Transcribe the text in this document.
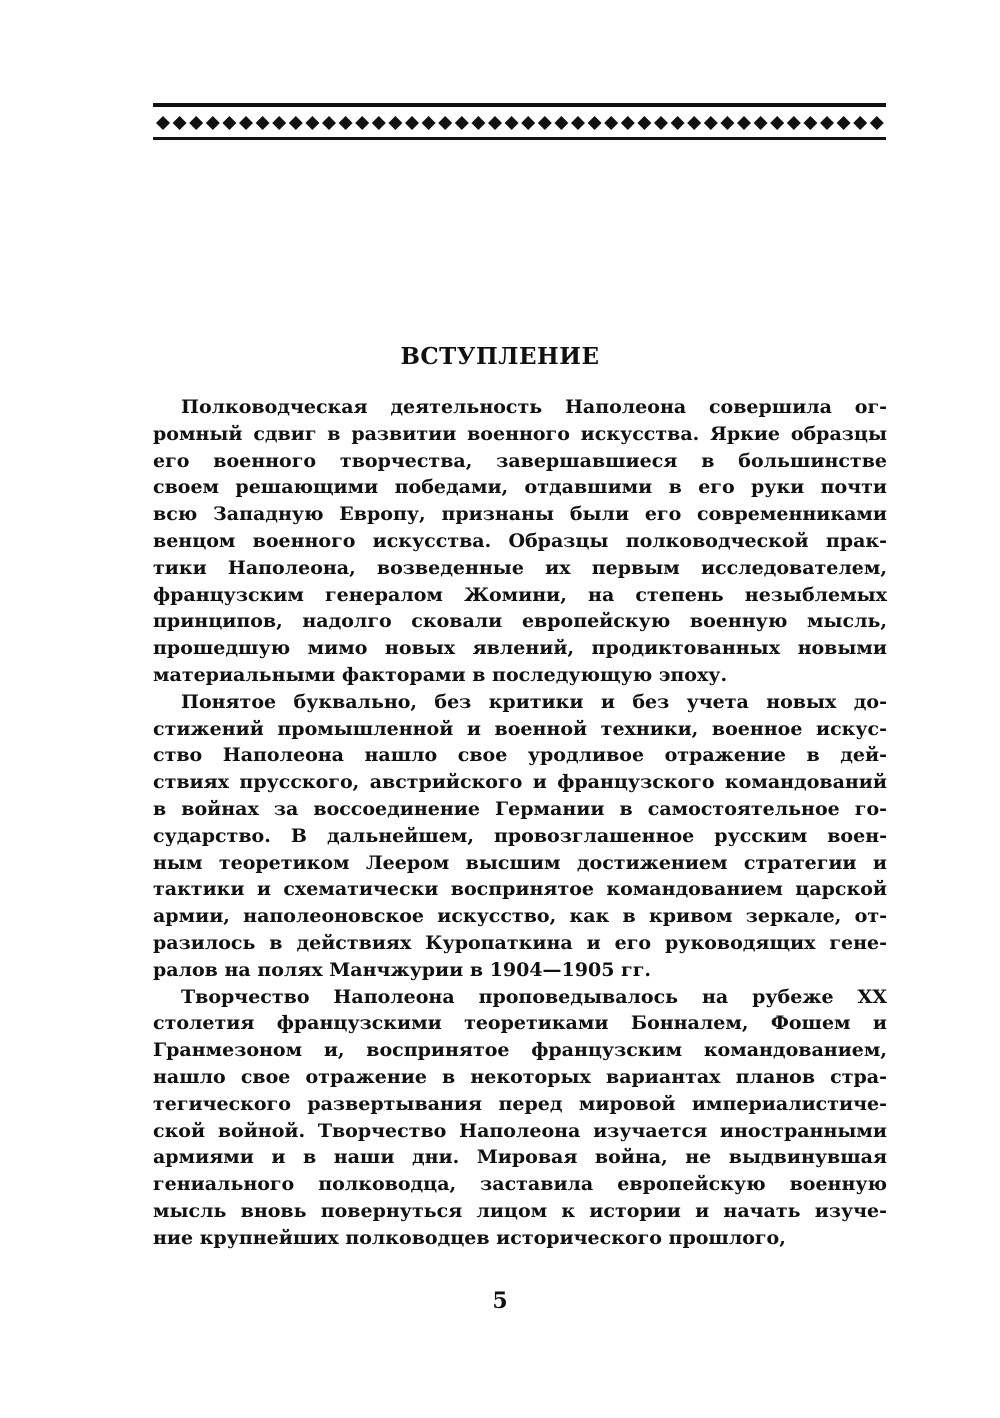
ВСТУПЛЕНИЕ
Полководческая деятельность Наполеона совершила ог-
ромный сдвиг в развитии военного искусства. Яркие образцы
его военного творчества, завершавшиеся в большинстве
своем решающими победами, отдавшими в его руки почти
всю Западную Европу, признаны были его современниками
венцом военного искусства. Образцы полководческой прак-
тики Наполеона, возведенные их первым исследователем,
французским генералом Жомини, на степень незыблемых
принципов, надолго сковали европейскую военную мысль,
прошедшую мимо новых явлений, продиктованных новыми
материальными факторами в последующую эпоху.
Понятое буквально, без критики и без учета новых до-
стижений промышленной и военной техники, военное искус-
ство Наполеона нашло свое уродливое отражение в дей-
ствиях прусского, австрийского и французского командований
в войнах за воссоединение Германии в самостоятельное го-
сударство. В дальнейшем, провозглашенное русским воен-
ным теоретиком Леером высшим достижением стратегии и
тактики и схематически воспринятое командованием царской
армии, наполеоновское искусство, как в кривом зеркале, от-
разилось в действиях Куропаткина и его руководящих гене-
ралов на полях Манчжурии в 1904—1905 гг.
Творчество Наполеона проповедывалось на рубеже XX
столетия французскими теоретиками Бонналем, Фошем и
Гранмезоном и, воспринятое французским командованием,
нашло свое отражение в некоторых вариантах планов стра-
тегического развертывания перед мировой империалистиче-
ской войной. Творчество Наполеона изучается иностранными
армиями и в наши дни. Мировая война, не выдвинувшая
гениального полководца, заставила европейскую военную
мысль вновь повернуться лицом к истории и начать изуче-
ние крупнейших полководцев исторического прошлого,
5
